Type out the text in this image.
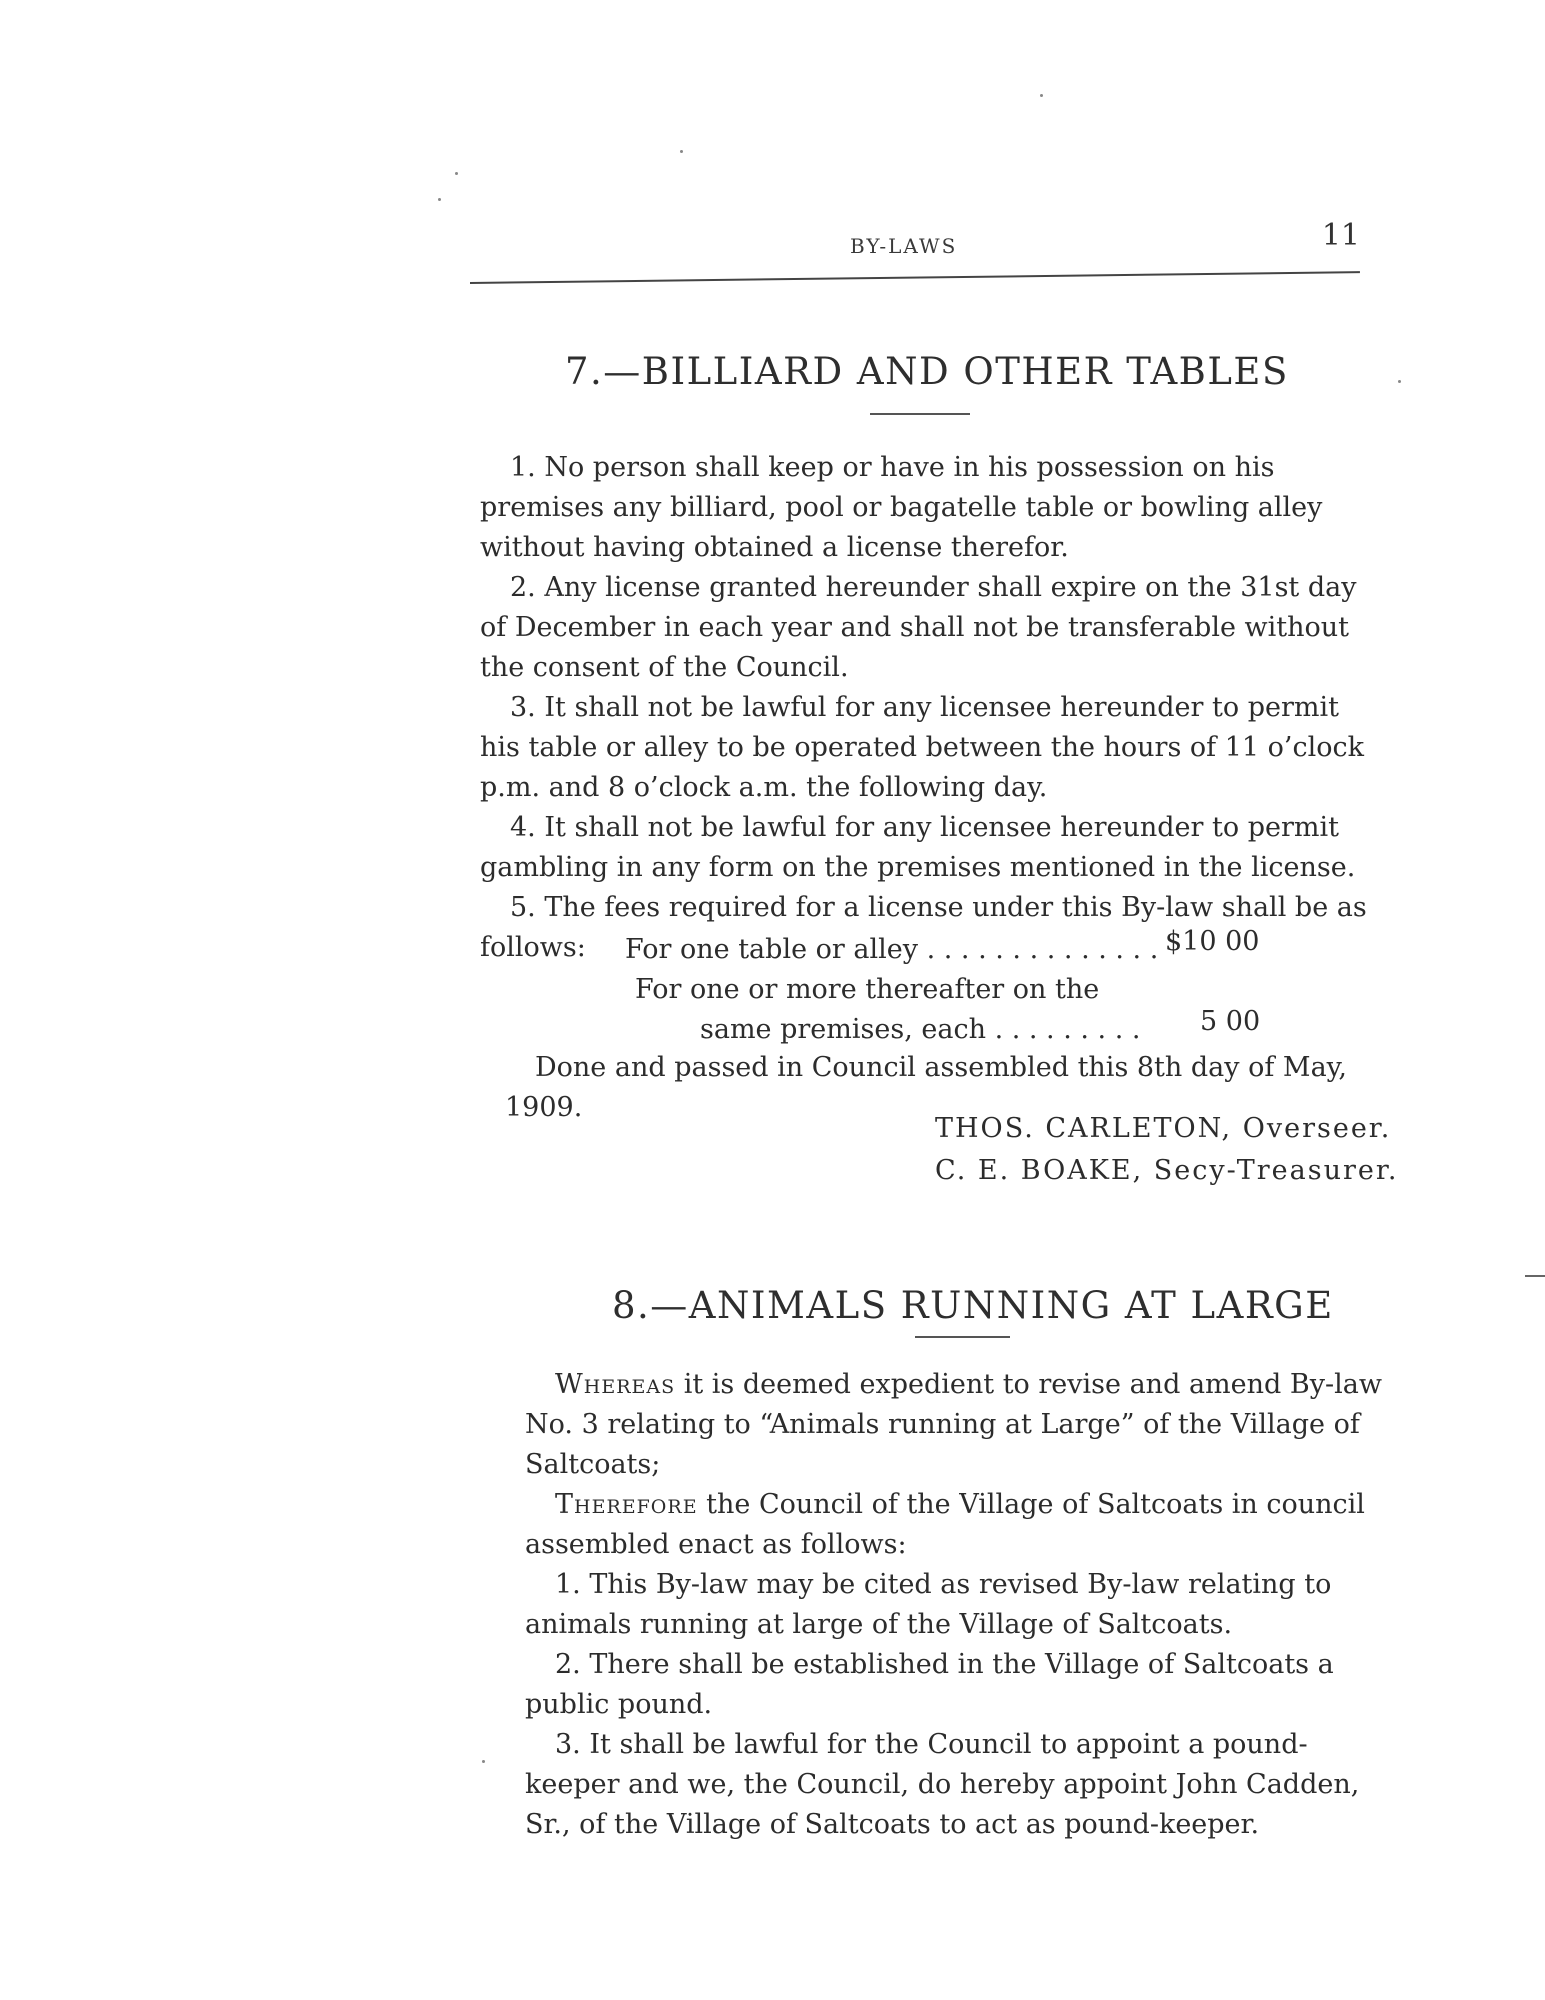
BY-LAWS	11
7.—BILLIARD AND OTHER TABLES

1. No person shall keep or have in his possession on his premises any billiard, pool or bagatelle table or bowling alley without having obtained a license therefor.

2. Any license granted hereunder shall expire on the 31st day of December in each year and shall not be transferable without the consent of the Council.

3. It shall not be lawful for any licensee hereunder to permit his table or alley to be operated between the hours of 11 o’clock p.m. and 8 o’clock a.m. the following day.

4. It shall not be lawful for any licensee hereunder to permit gambling in any form on the premises mentioned in the license.

5. The fees required for a license under this By-law shall be as follows:	For one table or alley . . . . . . . . . . . . . . $10 00
For one or more thereafter on the
same premises, each . . . . . . . . . 5 00

Done and passed in Council assembled this 8th day of May, 1909.

THOS. CARLETON, Overseer.
C. E. BOAKE, Secy-Treasurer.
8.—ANIMALS RUNNING AT LARGE

Whereas it is deemed expedient to revise and amend By-law No. 3 relating to “Animals running at Large” of the Village of Saltcoats;

Therefore the Council of the Village of Saltcoats in council assembled enact as follows:

1. This By-law may be cited as revised By-law relating to animals running at large of the Village of Saltcoats.

2. There shall be established in the Village of Saltcoats a public pound.

3. It shall be lawful for the Council to appoint a pound-keeper and we, the Council, do hereby appoint John Cadden, Sr., of the Village of Saltcoats to act as pound-keeper.
